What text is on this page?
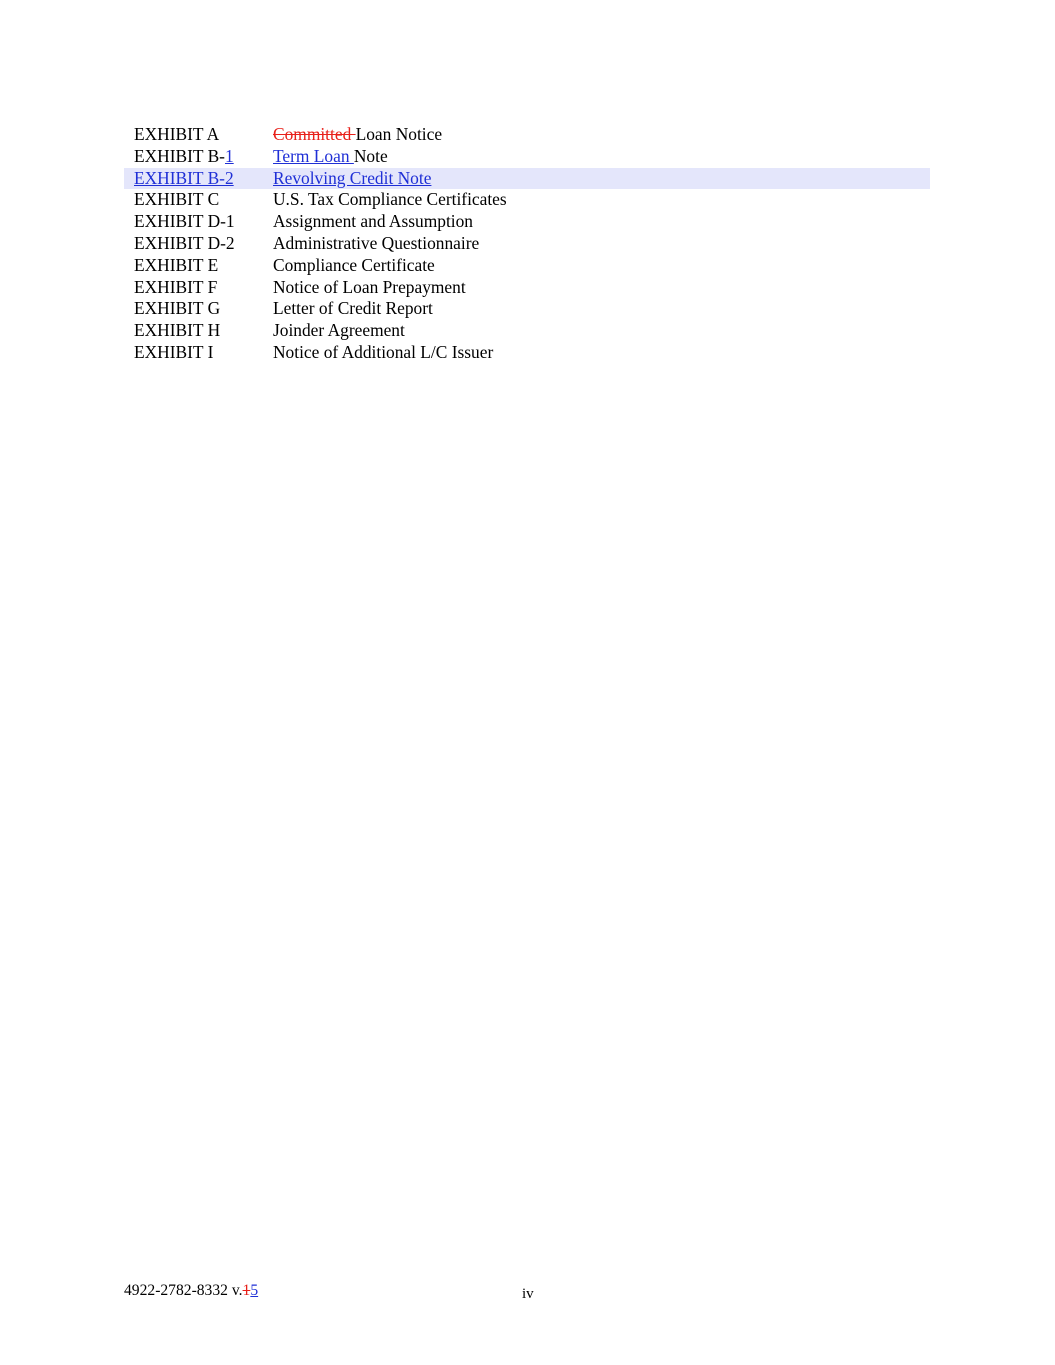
EXHIBIT A	Committed Loan Notice
EXHIBIT B-1 Term Loan Note
EXHIBIT B-2 Revolving Credit Note
EXHIBIT C	U.S. Tax Compliance Certificates
EXHIBIT D-1 Assignment and Assumption
EXHIBIT D-2 Administrative Questionnaire
EXHIBIT E	Compliance Certificate
EXHIBIT F	Notice of Loan Prepayment
EXHIBIT G	Letter of Credit Report
EXHIBIT H	Joinder Agreement
EXHIBIT I	Notice of Additional L/C Issuer
4922-2782-8332 v.15	iv
